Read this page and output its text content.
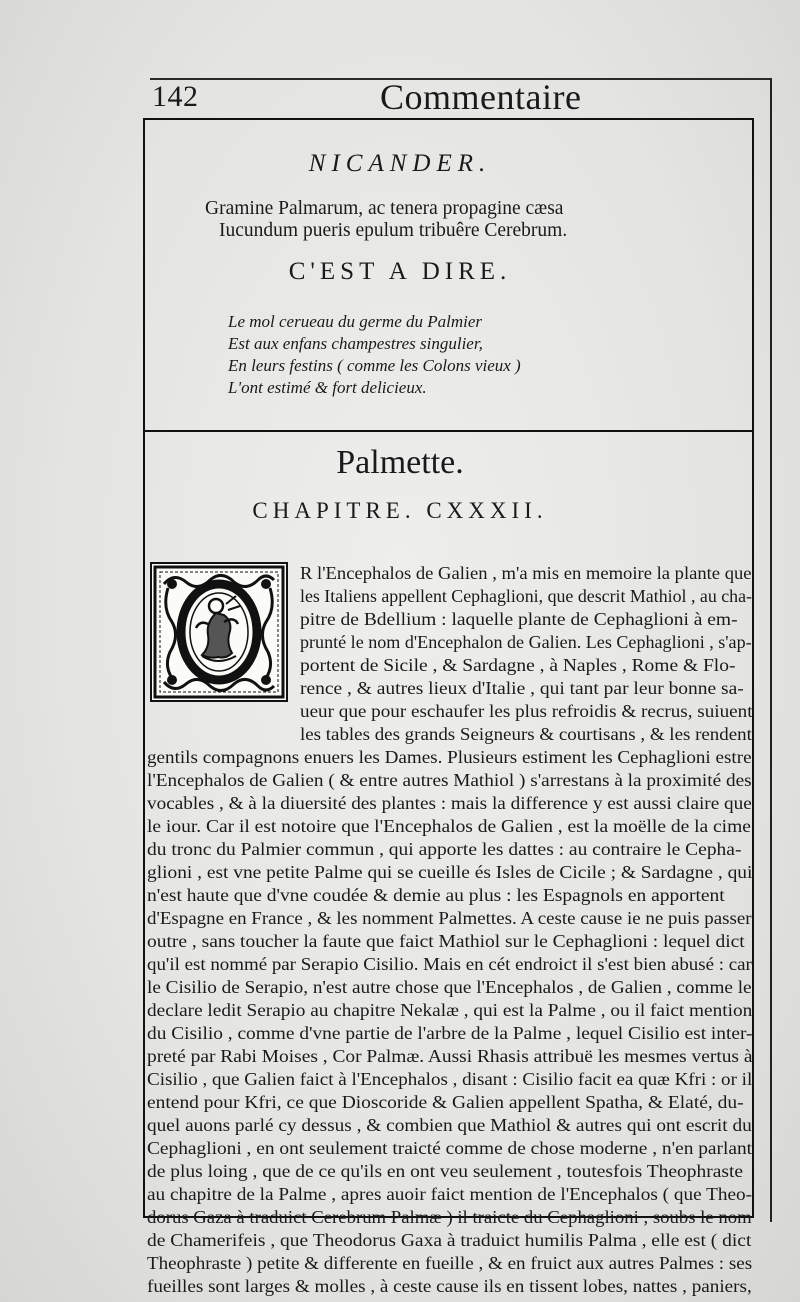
142	Commentaire
NICANDER.
Gramine Palmarum, ac tenera propagine cæsa
Iucundum pueris epulum tribuêre Cerebrum.
C'EST A DIRE.
Le mol cerueau du germe du Palmier
Est aux enfans champestres singulier,
En leurs festins ( comme les Colons vieux )
L'ont estimé & fort delicieux.
Palmette.
CHAPITRE. CXXXII.
R l'Encephalos de Galien , m'a mis en memoire la plante que
les Italiens appellent Cephaglioni, que descrit Mathiol , au cha-
pitre de Bdellium : laquelle plante de Cephaglioni à em-
prunté le nom d'Encephalon de Galien. Les Cephaglioni , s'ap-
portent de Sicile , & Sardagne , à Naples , Rome & Flo-
rence , & autres lieux d'Italie , qui tant par leur bonne sa-
ueur que pour eschaufer les plus refroidis & recrus, suiuent
les tables des grands Seigneurs & courtisans , & les rendent
gentils compagnons enuers les Dames. Plusieurs estiment les Cephaglioni estre
l'Encephalos de Galien ( & entre autres Mathiol ) s'arrestans à la proximité des
vocables , & à la diuersité des plantes : mais la difference y est aussi claire que
le iour. Car il est notoire que l'Encephalos de Galien , est la moëlle de la cime
du tronc du Palmier commun , qui apporte les dattes : au contraire le Cepha-
glioni , est vne petite Palme qui se cueille és Isles de Cicile ; & Sardagne , qui
n'est haute que d'vne coudée & demie au plus : les Espagnols en apportent
d'Espagne en France , & les nomment Palmettes. A ceste cause ie ne puis passer
outre , sans toucher la faute que faict Mathiol sur le Cephaglioni : lequel dict
qu'il est nommé par Serapio Cisilio. Mais en cét endroict il s'est bien abusé : car
le Cisilio de Serapio, n'est autre chose que l'Encephalos , de Galien , comme le
declare ledit Serapio au chapitre Nekalæ , qui est la Palme , ou il faict mention
du Cisilio , comme d'vne partie de l'arbre de la Palme , lequel Cisilio est inter-
preté par Rabi Moises , Cor Palmæ. Aussi Rhasis attribuë les mesmes vertus à
Cisilio , que Galien faict à l'Encephalos , disant : Cisilio facit ea quæ Kfri : or il
entend pour Kfri, ce que Dioscoride & Galien appellent Spatha, & Elaté, du-
quel auons parlé cy dessus , & combien que Mathiol & autres qui ont escrit du
Cephaglioni , en ont seulement traicté comme de chose moderne , n'en parlant
de plus loing , que de ce qu'ils en ont veu seulement , toutesfois Theophraste
au chapitre de la Palme , apres auoir faict mention de l'Encephalos ( que Theo-
dorus Gaza à traduict Cerebrum Palmæ ) il traicte du Cephaglioni , soubs le nom
de Chamerifeis , que Theodorus Gaxa à traduict humilis Palma , elle est ( dict
Theophraste ) petite & differente en fueille , & en fruict aux autres Palmes : ses
fueilles sont larges & molles , à ceste cause ils en tissent lobes, nattes , paniers,
